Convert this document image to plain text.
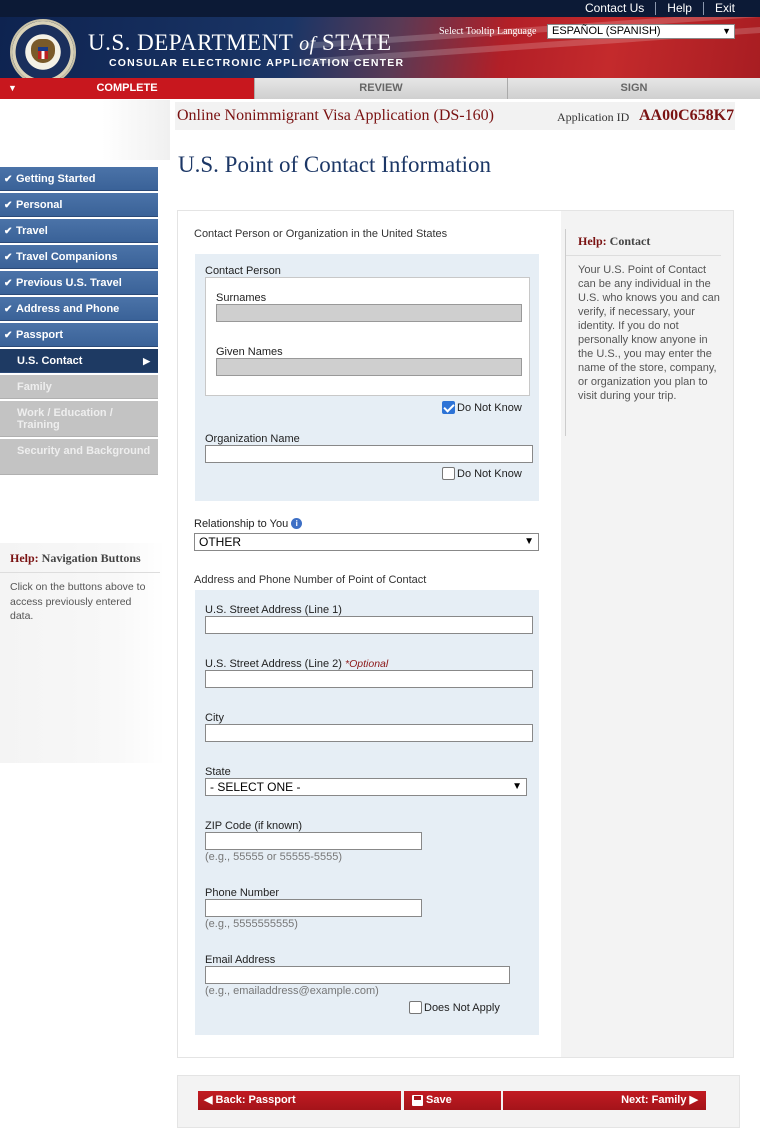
Contact Us	Help	Exit
U.S. DEPARTMENT of STATE
CONSULAR ELECTRONIC APPLICATION CENTER
Select Tooltip Language	ESPAÑOL (SPANISH)	▼
▼	COMPLETE	REVIEW	SIGN
Online Nonimmigrant Visa Application (DS-160)	Application ID AA00C658K7
U.S. Point of Contact Information
✔ Getting Started
✔ Personal
✔ Travel
✔ Travel Companions
✔ Previous U.S. Travel
✔ Address and Phone
✔ Passport
U.S. Contact	▶
Family
Work / Education / Training
Security and Background
Help: Navigation Buttons
Click on the buttons above to access previously entered data.
Contact Person or Organization in the United States
Contact Person
Surnames
Given Names
Do Not Know
Organization Name
Do Not Know
Relationship to You i
OTHER	▼
Address and Phone Number of Point of Contact
U.S. Street Address (Line 1)
U.S. Street Address (Line 2) *Optional
City
State
- SELECT ONE -	▼
ZIP Code (if known)
(e.g., 55555 or 55555-5555)
Phone Number
(e.g., 5555555555)
Email Address
(e.g., emailaddress@example.com)
Does Not Apply
Help: Contact
Your U.S. Point of Contact can be any individual in the U.S. who knows you and can verify, if necessary, your identity. If you do not personally know anyone in the U.S., you may enter the name of the store, company, or organization you plan to visit during your trip.
◀ Back: Passport	Save	Next: Family ▶
